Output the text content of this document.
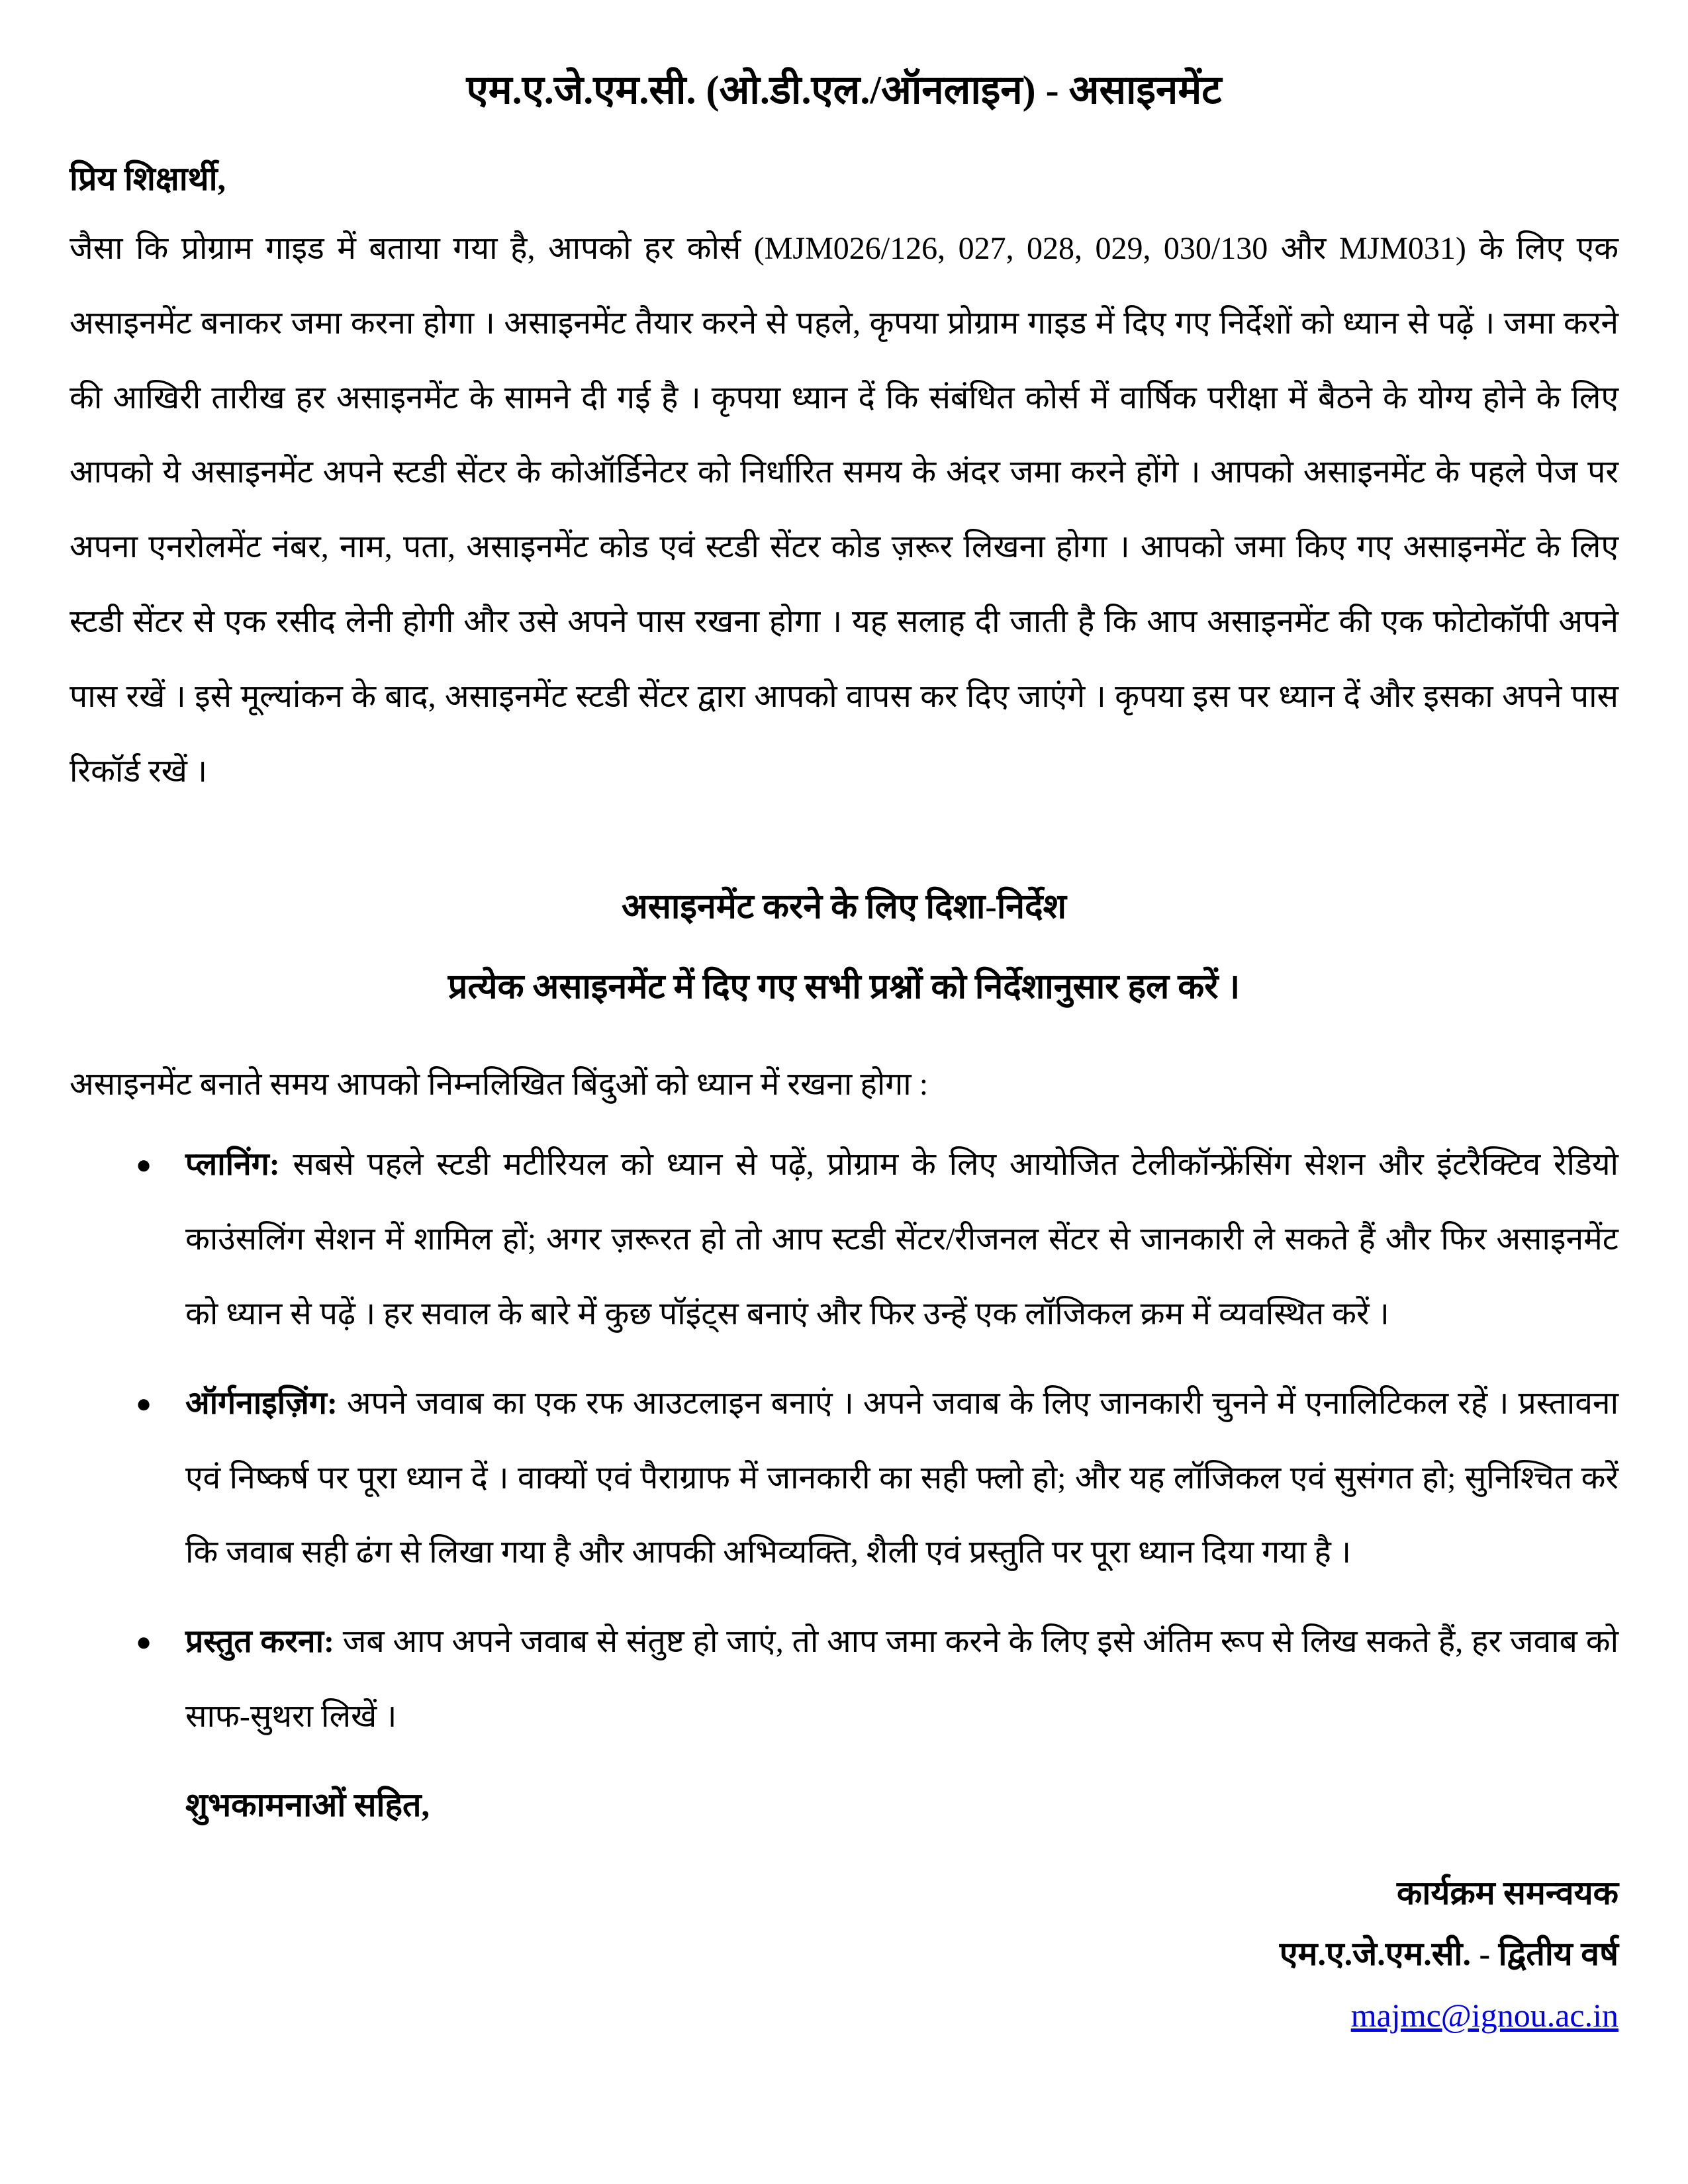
एम.ए.जे.एम.सी. (ओ.डी.एल./ऑनलाइन) - असाइनमेंट
प्रिय शिक्षार्थी,
जैसा कि प्रोग्राम गाइड में बताया गया है, आपको हर कोर्स (MJM026/126, 027, 028, 029, 030/130 और MJM031) के लिए एक असाइनमेंट बनाकर जमा करना होगा । असाइनमेंट तैयार करने से पहले, कृपया प्रोग्राम गाइड में दिए गए निर्देशों को ध्यान से पढ़ें । जमा करने की आखिरी तारीख हर असाइनमेंट के सामने दी गई है । कृपया ध्यान दें कि संबंधित कोर्स में वार्षिक परीक्षा में बैठने के योग्य होने के लिए आपको ये असाइनमेंट अपने स्टडी सेंटर के कोऑर्डिनेटर को निर्धारित समय के अंदर जमा करने होंगे । आपको असाइनमेंट के पहले पेज पर अपना एनरोलमेंट नंबर, नाम, पता, असाइनमेंट कोड एवं स्टडी सेंटर कोड ज़रूर लिखना होगा । आपको जमा किए गए असाइनमेंट के लिए स्टडी सेंटर से एक रसीद लेनी होगी और उसे अपने पास रखना होगा । यह सलाह दी जाती है कि आप असाइनमेंट की एक फोटोकॉपी अपने पास रखें । इसे मूल्यांकन के बाद, असाइनमेंट स्टडी सेंटर द्वारा आपको वापस कर दिए जाएंगे । कृपया इस पर ध्यान दें और इसका अपने पास रिकॉर्ड रखें ।
असाइनमेंट करने के लिए दिशा-निर्देश
प्रत्येक असाइनमेंट में दिए गए सभी प्रश्नों को निर्देशानुसार हल करें ।
असाइनमेंट बनाते समय आपको निम्नलिखित बिंदुओं को ध्यान में रखना होगा :
●	प्लानिंग: सबसे पहले स्टडी मटीरियल को ध्यान से पढ़ें, प्रोग्राम के लिए आयोजित टेलीकॉन्फ्रेंसिंग सेशन और इंटरैक्टिव रेडियो काउंसलिंग सेशन में शामिल हों; अगर ज़रूरत हो तो आप स्टडी सेंटर/रीजनल सेंटर से जानकारी ले सकते हैं और फिर असाइनमेंट को ध्यान से पढ़ें । हर सवाल के बारे में कुछ पॉइंट्स बनाएं और फिर उन्हें एक लॉजिकल क्रम में व्यवस्थित करें ।
●	ऑर्गनाइज़िंग: अपने जवाब का एक रफ आउटलाइन बनाएं । अपने जवाब के लिए जानकारी चुनने में एनालिटिकल रहें । प्रस्तावना एवं निष्कर्ष पर पूरा ध्यान दें । वाक्यों एवं पैराग्राफ में जानकारी का सही फ्लो हो; और यह लॉजिकल एवं सुसंगत हो; सुनिश्चित करें कि जवाब सही ढंग से लिखा गया है और आपकी अभिव्यक्ति, शैली एवं प्रस्तुति पर पूरा ध्यान दिया गया है ।
●	प्रस्तुत करना: जब आप अपने जवाब से संतुष्ट हो जाएं, तो आप जमा करने के लिए इसे अंतिम रूप से लिख सकते हैं, हर जवाब को साफ-सुथरा लिखें ।
शुभकामनाओं सहित,
कार्यक्रम समन्वयक
एम.ए.जे.एम.सी. - द्वितीय वर्ष
majmc@ignou.ac.in
